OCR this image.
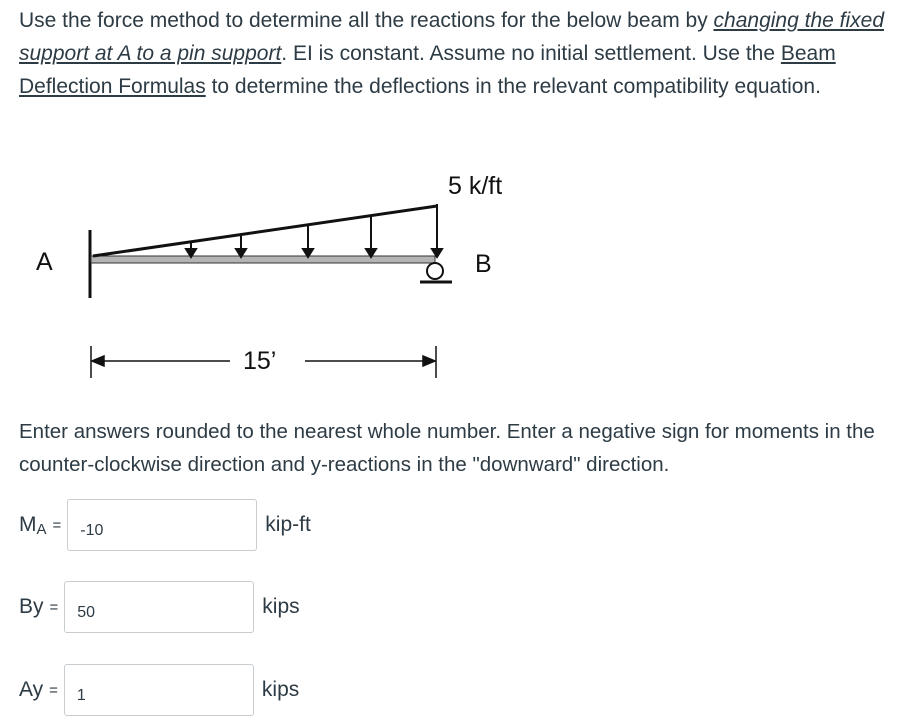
Use the force method to determine all the reactions for the below beam by changing the fixed support at A to a pin support. EI is constant. Assume no initial settlement. Use the Beam Deflection Formulas to determine the deflections in the relevant compatibility equation.
5 k/ft
A	B
15’
Enter answers rounded to the nearest whole number. Enter a negative sign for moments in the counter-clockwise direction and y-reactions in the "downward" direction.
$M_A$ =
-10	kip-ft
By =
50	kips
Ay =
1	kips
